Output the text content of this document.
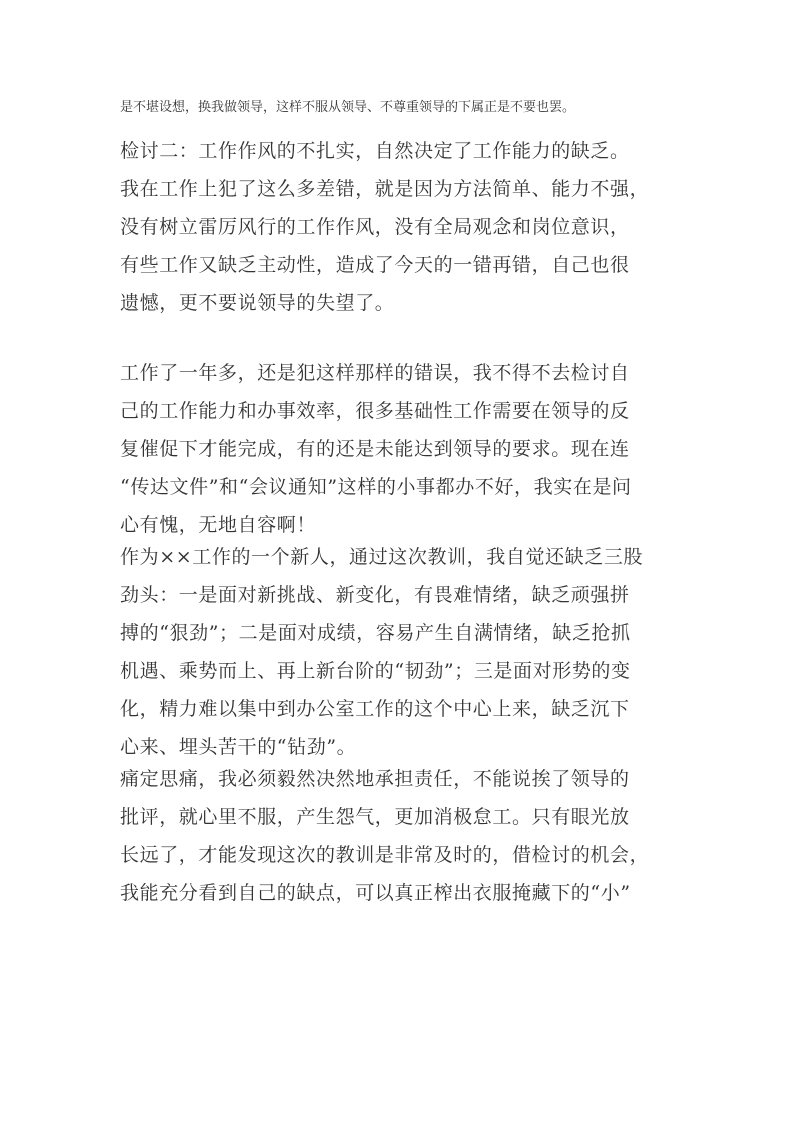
是不堪设想，换我做领导，这样不服从领导、不尊重领导的下属正是不要也罢。
检讨二：工作作风的不扎实，自然决定了工作能力的缺乏。
我在工作上犯了这么多差错，就是因为方法简单、能力不强，
没有树立雷厉风行的工作作风，没有全局观念和岗位意识，
有些工作又缺乏主动性，造成了今天的一错再错，自己也很
遗憾，更不要说领导的失望了。
工作了一年多，还是犯这样那样的错误，我不得不去检讨自
己的工作能力和办事效率，很多基础性工作需要在领导的反
复催促下才能完成，有的还是未能达到领导的要求。现在连
“传达文件”和“会议通知”这样的小事都办不好，我实在是问
心有愧，无地自容啊！
作为××工作的一个新人，通过这次教训，我自觉还缺乏三股
劲头：一是面对新挑战、新变化，有畏难情绪，缺乏顽强拼
搏的“狠劲”；二是面对成绩，容易产生自满情绪，缺乏抢抓
机遇、乘势而上、再上新台阶的“韧劲”；三是面对形势的变
化，精力难以集中到办公室工作的这个中心上来，缺乏沉下
心来、埋头苦干的“钻劲”。
痛定思痛，我必须毅然决然地承担责任，不能说挨了领导的
批评，就心里不服，产生怨气，更加消极怠工。只有眼光放
长远了，才能发现这次的教训是非常及时的，借检讨的机会，
我能充分看到自己的缺点，可以真正榨出衣服掩藏下的“小”
